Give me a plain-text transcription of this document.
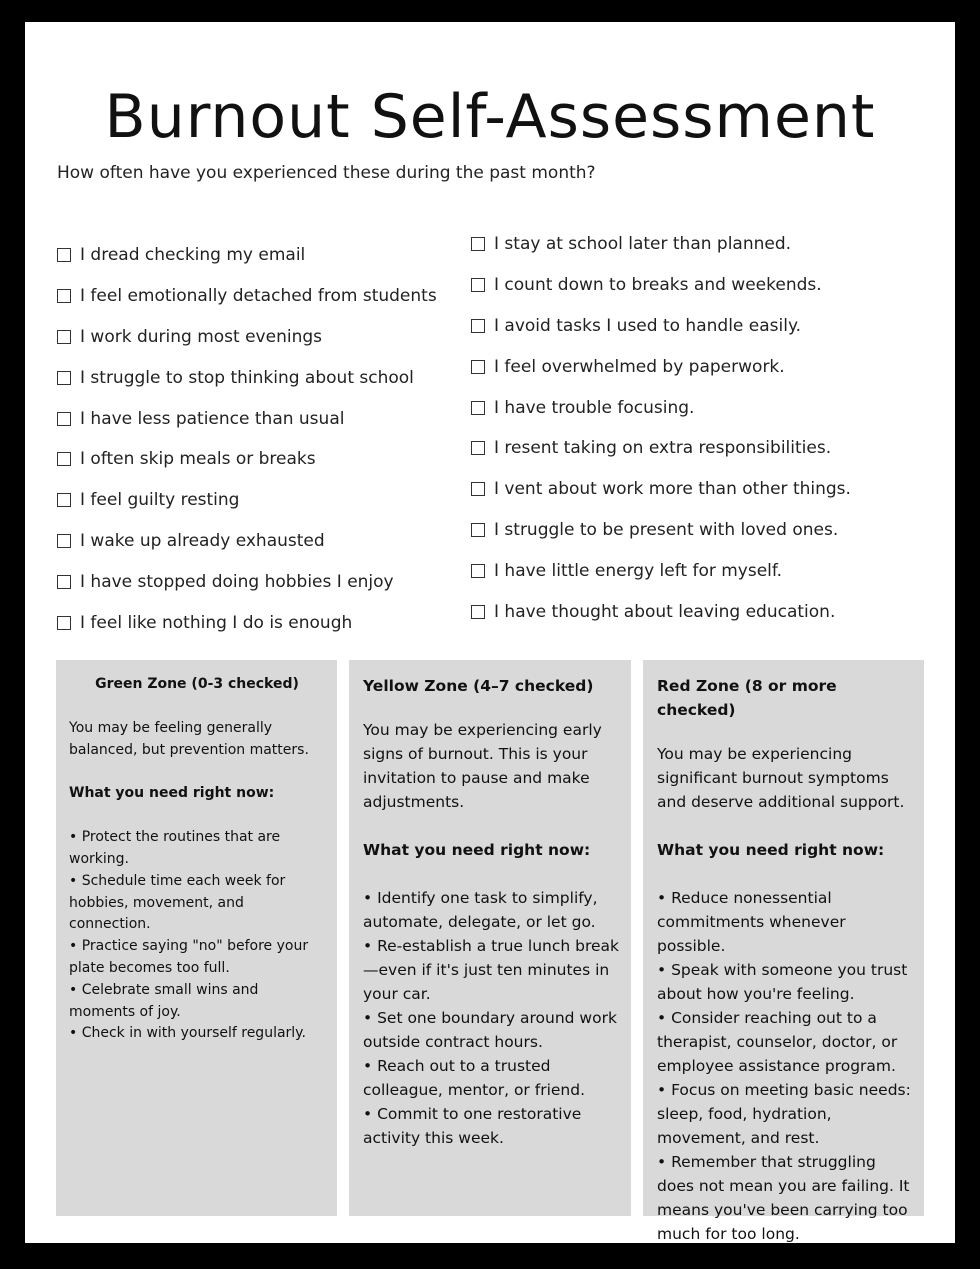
Burnout Self-Assessment
How often have you experienced these during the past month?
I dread checking my email
I feel emotionally detached from students
I work during most evenings
I struggle to stop thinking about school
I have less patience than usual
I often skip meals or breaks
I feel guilty resting
I wake up already exhausted
I have stopped doing hobbies I enjoy
I feel like nothing I do is enough
I stay at school later than planned.
I count down to breaks and weekends.
I avoid tasks I used to handle easily.
I feel overwhelmed by paperwork.
I have trouble focusing.
I resent taking on extra responsibilities.
I vent about work more than other things.
I struggle to be present with loved ones.
I have little energy left for myself.
I have thought about leaving education.
Green Zone (0-3 checked)
You may be feeling generally balanced, but prevention matters.
What you need right now:
• Protect the routines that are working.
• Schedule time each week for hobbies, movement, and connection.
• Practice saying "no" before your plate becomes too full.
• Celebrate small wins and moments of joy.
• Check in with yourself regularly.
Yellow Zone (4–7 checked)
You may be experiencing early signs of burnout. This is your invitation to pause and make adjustments.
What you need right now:
• Identify one task to simplify, automate, delegate, or let go.
• Re-establish a true lunch break —even if it's just ten minutes in your car.
• Set one boundary around work outside contract hours.
• Reach out to a trusted colleague, mentor, or friend.
• Commit to one restorative activity this week.
Red Zone (8 or more checked)
You may be experiencing significant burnout symptoms and deserve additional support.
What you need right now:
• Reduce nonessential commitments whenever possible.
• Speak with someone you trust about how you're feeling.
• Consider reaching out to a therapist, counselor, doctor, or employee assistance program.
• Focus on meeting basic needs: sleep, food, hydration, movement, and rest.
• Remember that struggling does not mean you are failing. It means you've been carrying too much for too long.
